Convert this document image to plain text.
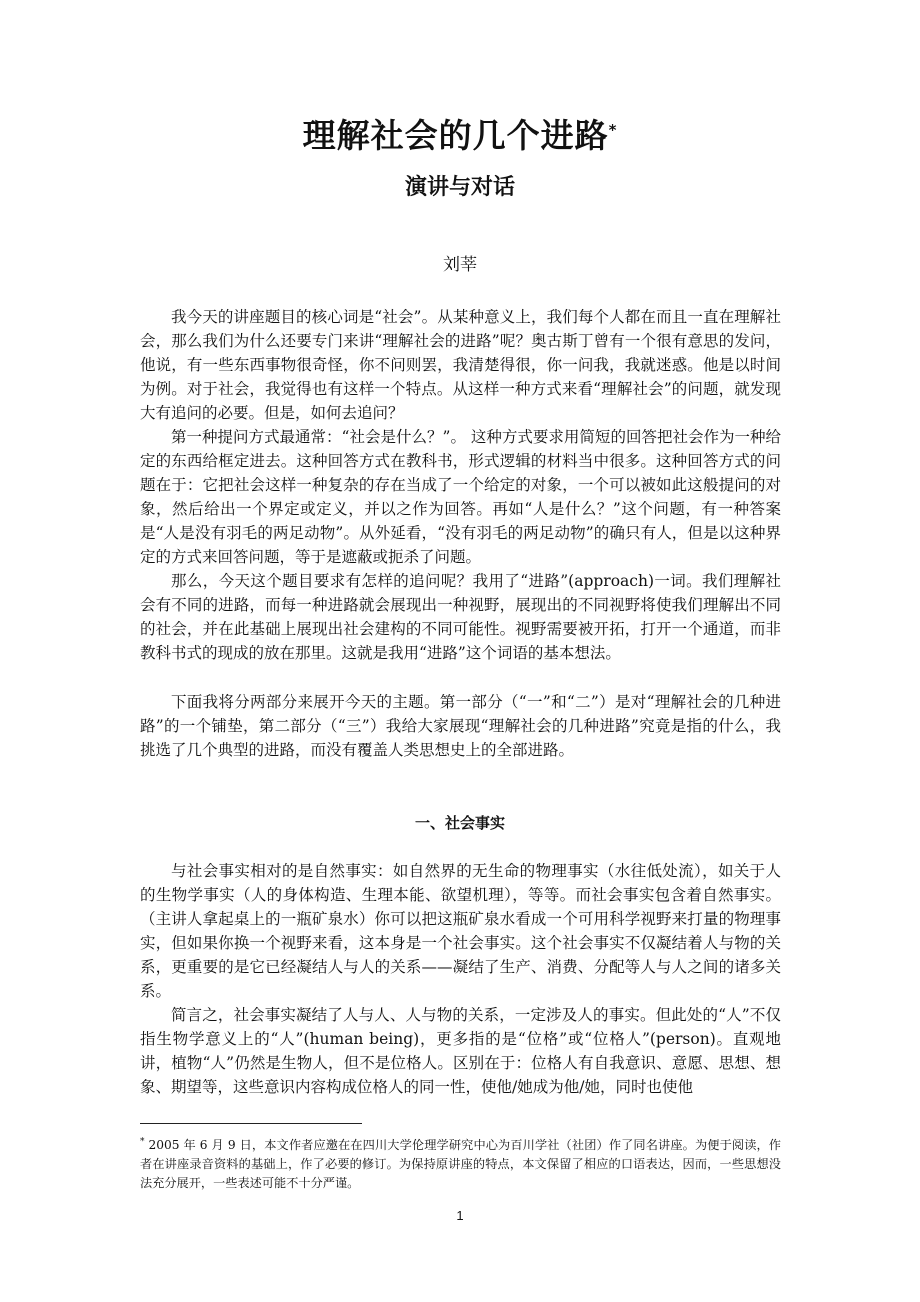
理解社会的几个进路*
演讲与对话
刘莘

我今天的讲座题目的核心词是“社会”。从某种意义上，我们每个人都在而且一直在理解社会，那么我们为什么还要专门来讲“理解社会的进路”呢？奥古斯丁曾有一个很有意思的发问，他说，有一些东西事物很奇怪，你不问则罢，我清楚得很，你一问我，我就迷惑。他是以时间为例。对于社会，我觉得也有这样一个特点。从这样一种方式来看“理解社会”的问题，就发现大有追问的必要。但是，如何去追问？

第一种提问方式最通常：“社会是什么？”。 这种方式要求用简短的回答把社会作为一种给定的东西给框定进去。这种回答方式在教科书，形式逻辑的材料当中很多。这种回答方式的问题在于：它把社会这样一种复杂的存在当成了一个给定的对象，一个可以被如此这般提问的对象，然后给出一个界定或定义，并以之作为回答。再如“人是什么？”这个问题，有一种答案是“人是没有羽毛的两足动物”。从外延看，“没有羽毛的两足动物”的确只有人，但是以这种界定的方式来回答问题，等于是遮蔽或扼杀了问题。

那么，今天这个题目要求有怎样的追问呢？我用了“进路”(approach)一词。我们理解社会有不同的进路，而每一种进路就会展现出一种视野，展现出的不同视野将使我们理解出不同的社会，并在此基础上展现出社会建构的不同可能性。视野需要被开拓，打开一个通道，而非教科书式的现成的放在那里。这就是我用“进路”这个词语的基本想法。

下面我将分两部分来展开今天的主题。第一部分（“一”和“二”）是对“理解社会的几种进路”的一个铺垫，第二部分（“三”）我给大家展现“理解社会的几种进路”究竟是指的什么，我挑选了几个典型的进路，而没有覆盖人类思想史上的全部进路。

一、社会事实

与社会事实相对的是自然事实：如自然界的无生命的物理事实（水往低处流），如关于人的生物学事实（人的身体构造、生理本能、欲望机理），等等。而社会事实包含着自然事实。（主讲人拿起桌上的一瓶矿泉水）你可以把这瓶矿泉水看成一个可用科学视野来打量的物理事实，但如果你换一个视野来看，这本身是一个社会事实。这个社会事实不仅凝结着人与物的关系，更重要的是它已经凝结人与人的关系——凝结了生产、消费、分配等人与人之间的诸多关系。

简言之，社会事实凝结了人与人、人与物的关系，一定涉及人的事实。但此处的“人”不仅指生物学意义上的“人”(human being)，更多指的是“位格”或“位格人”(person)。直观地讲，植物“人”仍然是生物人，但不是位格人。区别在于：位格人有自我意识、意愿、思想、想象、期望等，这些意识内容构成位格人的同一性，使他/她成为他/她，同时也使他

* 2005 年 6 月 9 日，本文作者应邀在在四川大学伦理学研究中心为百川学社（社团）作了同名讲座。为便于阅读，作者在讲座录音资料的基础上，作了必要的修订。为保持原讲座的特点，本文保留了相应的口语表达，因而，一些思想没法充分展开，一些表述可能不十分严谨。
1
